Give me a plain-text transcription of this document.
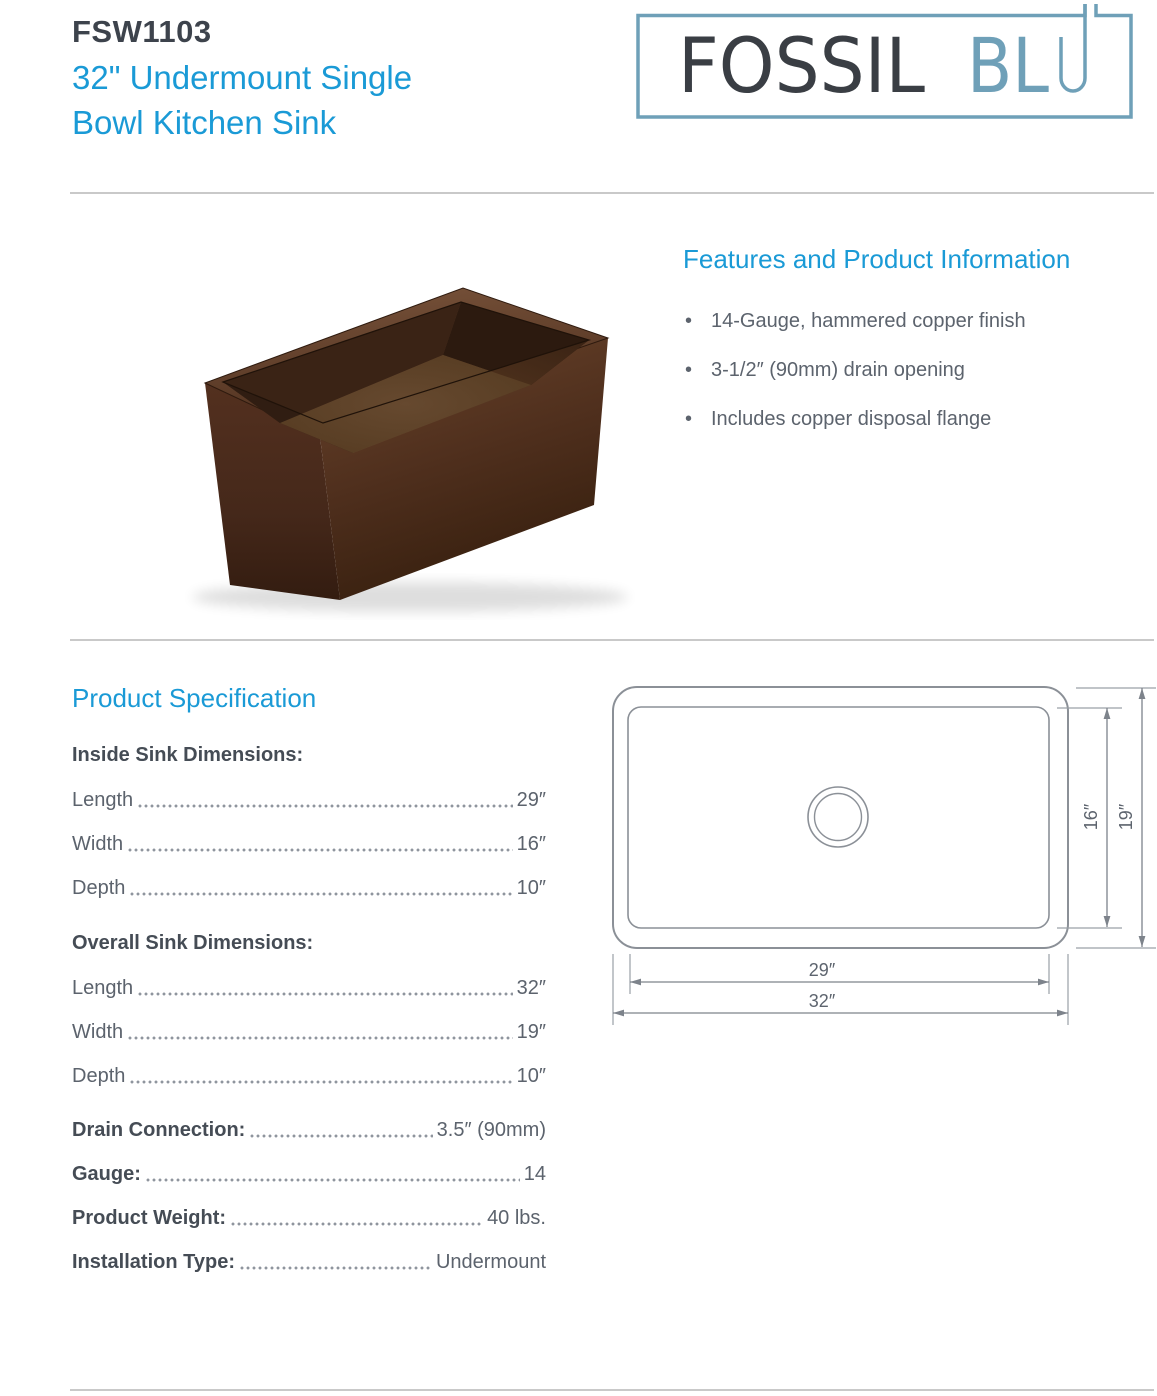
FSW1103
32" Undermount Single
Bowl Kitchen Sink
FOSSIL BL
Features and Product Information
• 14-Gauge, hammered copper finish
• 3-1/2″ (90mm) drain opening
• Includes copper disposal flange
Product Specification
Inside Sink Dimensions:
Length	29″
Width	16″
Depth	10″
Overall Sink Dimensions:
Length	32″
Width	19″
Depth	10″
Drain Connection:	3.5″ (90mm)
Gauge:	14
Product Weight:	40 lbs.
Installation Type:	Undermount
16″ 19″
29″
32″
